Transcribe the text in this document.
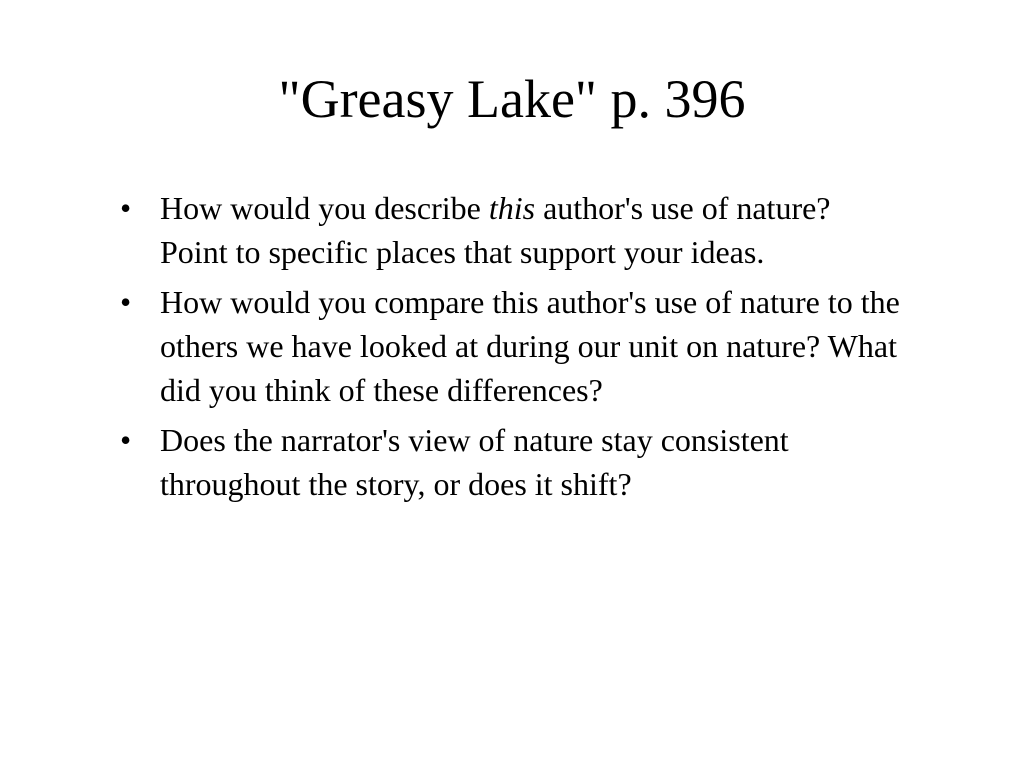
"Greasy Lake" p. 396
• How would you describe this author's use of nature? Point to specific places that support your ideas.
• How would you compare this author's use of nature to the others we have looked at during our unit on nature? What did you think of these differences?
• Does the narrator's view of nature stay consistent throughout the story, or does it shift?
